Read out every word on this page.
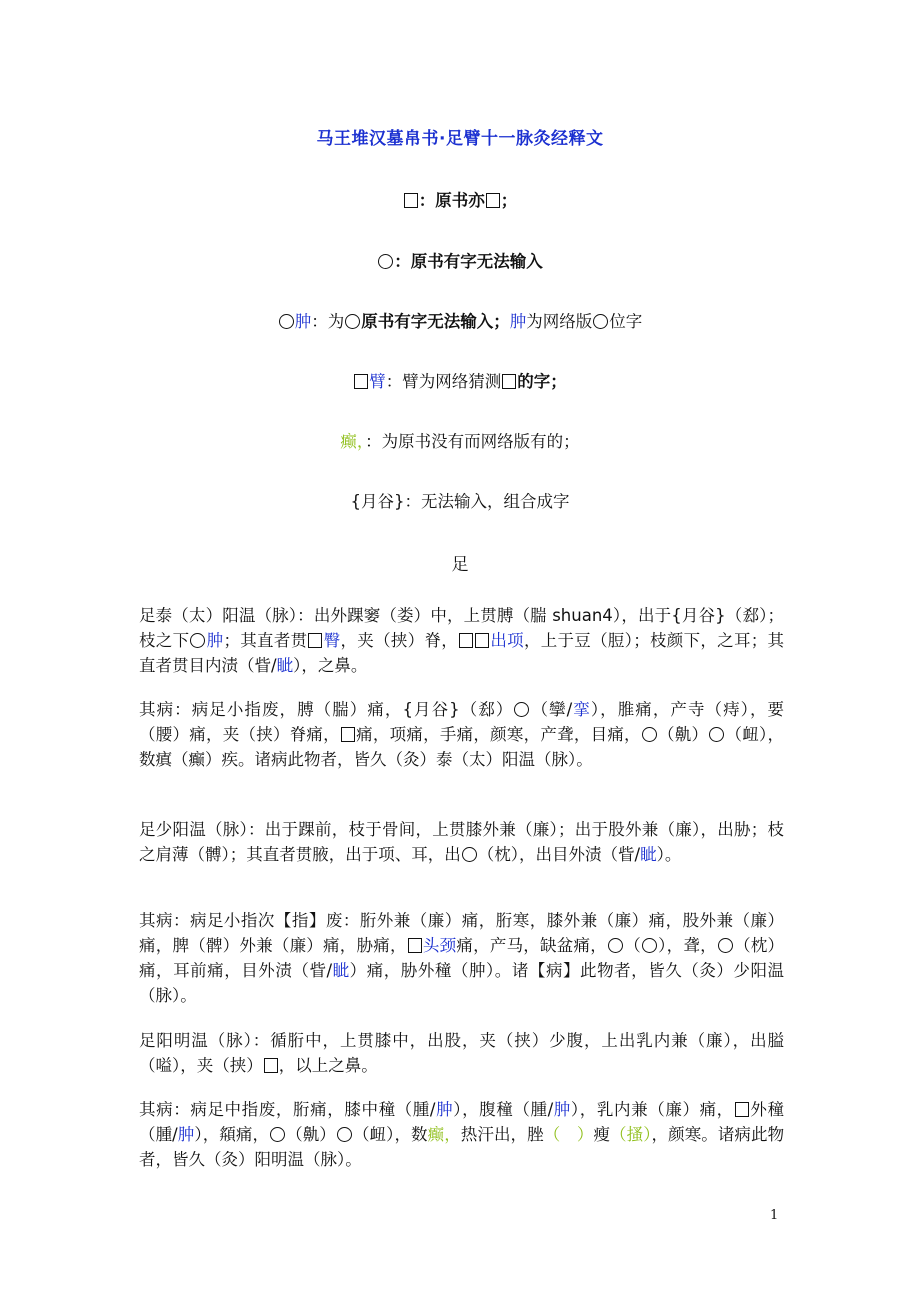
马王堆汉墓帛书·足臂十一脉灸经释文
：原书亦 ；
：原书有字无法输入
肿：为 原书有字无法输入；肿为网络版 位字
臂：臂为网络猜测 的字；
癫，：为原书没有而网络版有的；
{月谷}：无法输入，组合成字
足
足泰（太）阳温（脉）：出外踝窭（娄）中，上贯膊（腨 shuan4），出于{月谷}（郄）；枝之下 肿；其直者贯 臀，夹（挟）脊， 出项，上于豆（脰）；枝颜下，之耳；其直者贯目内渍（眥/眦），之鼻。
其病：病足小指废，膊（腨）痛，{月谷}（郄） （攣/挛），脽痛，产寺（痔），要（腰）痛，夹（挟）脊痛， 痛，项痛，手痛，颜寒，产聋，目痛， （鼽） （衄），数瘨（癫）疾。诸病此物者，皆久（灸）泰（太）阳温（脉）。
足少阳温（脉）：出于踝前，枝于骨间，上贯膝外兼（廉）；出于股外兼（廉），出胁；枝之肩薄（髆）；其直者贯腋，出于项、耳，出 （枕），出目外渍（眥/眦）。
其病：病足小指次【指】废：胻外兼（廉）痛，胻寒，膝外兼（廉）痛，股外兼（廉）痛，脾（髀）外兼（廉）痛，胁痛， 头颈痛，产马，缺盆痛， （ ），聋， （枕）痛，耳前痛，目外渍（眥/眦）痛，胁外穜（肿）。诸【病】此物者，皆久（灸）少阳温（脉）。
足阳明温（脉）：循胻中，上贯膝中，出股，夹（挟）少腹，上出乳内兼（廉），出膉（嗌），夹（挟） ，以上之鼻。
其病：病足中指废，胻痛，膝中穜（腫/肿），腹穜（腫/肿），乳内兼（廉）痛， 外穜（腫/肿），頯痛， （鼽） （衄），数癫，热汗出，脞（　）瘦（搔），颜寒。诸病此物者，皆久（灸）阳明温（脉）。
1
